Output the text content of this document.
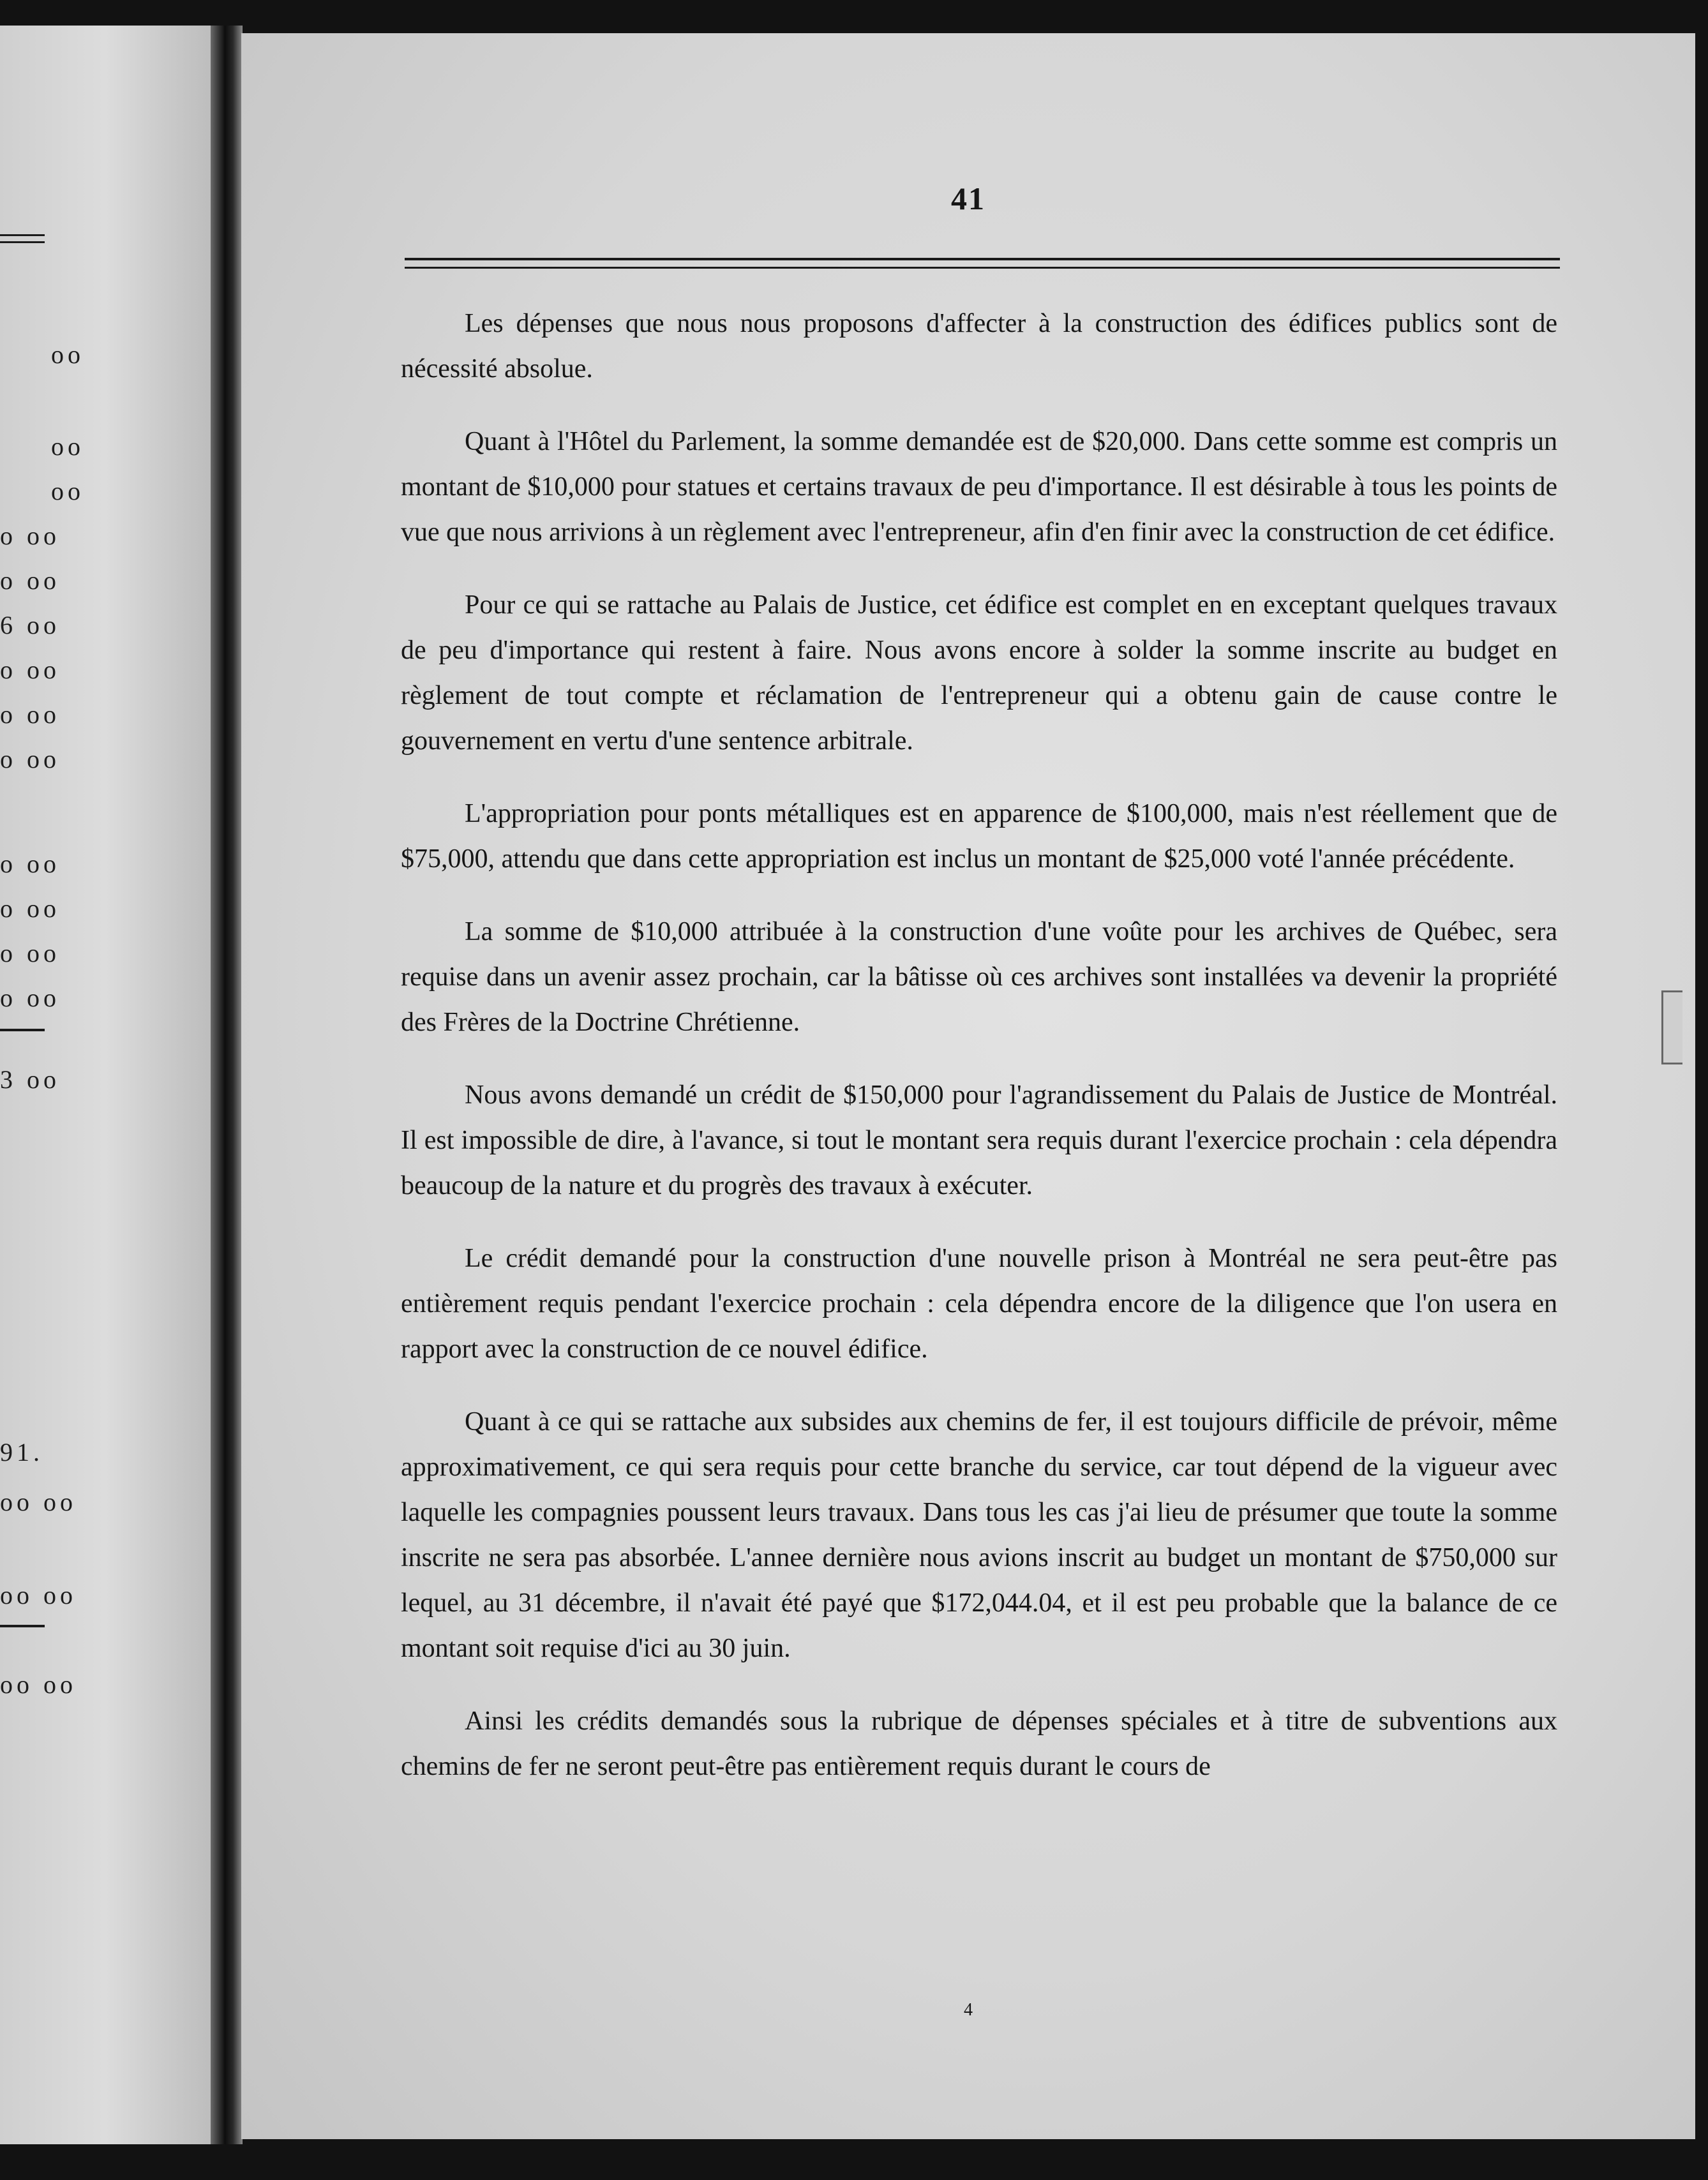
oo
oo
oo
o oo
o oo
6 oo
o oo
o oo
o oo
o oo
o oo
o oo
o oo
3 oo
91.
oo oo
oo oo
oo oo
41

Les dépenses que nous nous proposons d'affecter à la construction des édifices publics sont de nécessité absolue.

Quant à l'Hôtel du Parlement, la somme demandée est de $20,000. Dans cette somme est compris un montant de $10,000 pour statues et certains travaux de peu d'importance. Il est désirable à tous les points de vue que nous arrivions à un règlement avec l'entrepreneur, afin d'en finir avec la construction de cet édifice.

Pour ce qui se rattache au Palais de Justice, cet édifice est complet en en exceptant quelques travaux de peu d'importance qui restent à faire. Nous avons encore à solder la somme inscrite au budget en règlement de tout compte et réclamation de l'entrepreneur qui a obtenu gain de cause contre le gouvernement en vertu d'une sentence arbitrale.

L'appropriation pour ponts métalliques est en apparence de $100,000, mais n'est réellement que de $75,000, attendu que dans cette appropriation est inclus un montant de $25,000 voté l'année précédente.

La somme de $10,000 attribuée à la construction d'une voûte pour les archives de Québec, sera requise dans un avenir assez prochain, car la bâtisse où ces archives sont installées va devenir la propriété des Frères de la Doctrine Chrétienne.

Nous avons demandé un crédit de $150,000 pour l'agrandissement du Palais de Justice de Montréal. Il est impossible de dire, à l'avance, si tout le montant sera requis durant l'exercice prochain : cela dépendra beaucoup de la nature et du progrès des travaux à exécuter.

Le crédit demandé pour la construction d'une nouvelle prison à Montréal ne sera peut-être pas entièrement requis pendant l'exercice prochain : cela dépendra encore de la diligence que l'on usera en rapport avec la construction de ce nouvel édifice.

Quant à ce qui se rattache aux subsides aux chemins de fer, il est toujours difficile de prévoir, même approximativement, ce qui sera requis pour cette branche du service, car tout dépend de la vigueur avec laquelle les compagnies poussent leurs travaux. Dans tous les cas j'ai lieu de présumer que toute la somme inscrite ne sera pas absorbée. L'annee dernière nous avions inscrit au budget un montant de $750,000 sur lequel, au 31 décembre, il n'avait été payé que $172,044.04, et il est peu probable que la balance de ce montant soit requise d'ici au 30 juin.

Ainsi les crédits demandés sous la rubrique de dépenses spéciales et à titre de subventions aux chemins de fer ne seront peut-être pas entièrement requis durant le cours de

4
